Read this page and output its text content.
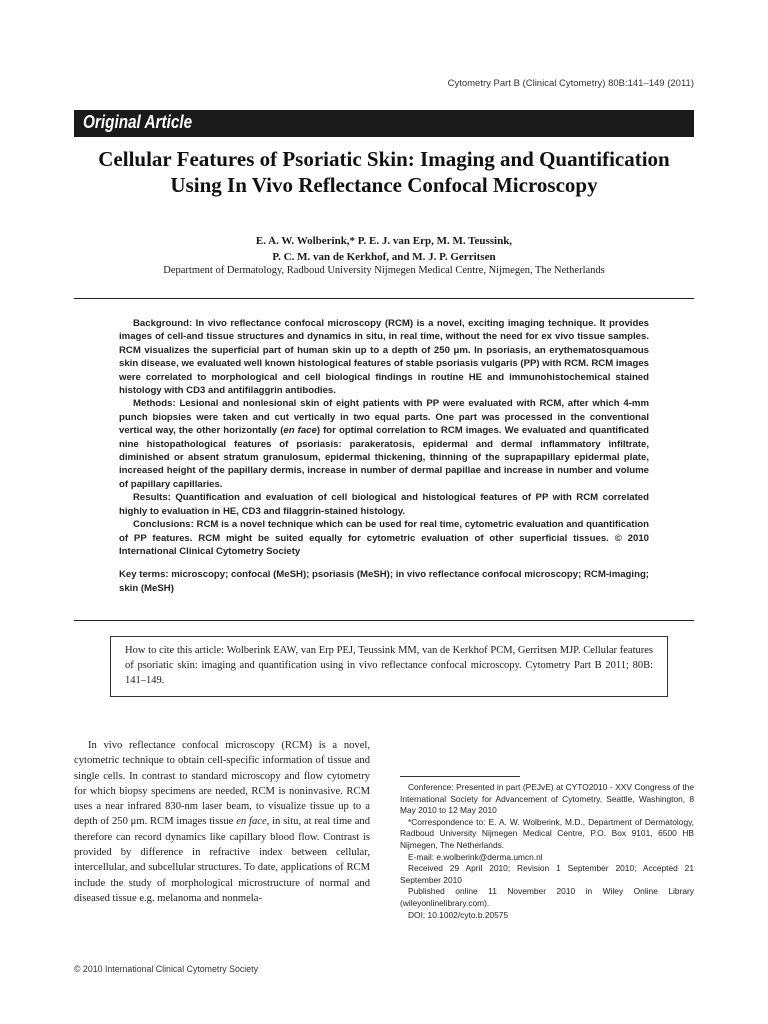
Cytometry Part B (Clinical Cytometry) 80B:141–149 (2011)
Original Article
Cellular Features of Psoriatic Skin: Imaging and Quantification Using In Vivo Reflectance Confocal Microscopy
E. A. W. Wolberink,* P. E. J. van Erp, M. M. Teussink,
P. C. M. van de Kerkhof, and M. J. P. Gerritsen
Department of Dermatology, Radboud University Nijmegen Medical Centre, Nijmegen, The Netherlands

Background: In vivo reflectance confocal microscopy (RCM) is a novel, exciting imaging technique. It provides images of cell-and tissue structures and dynamics in situ, in real time, without the need for ex vivo tissue samples. RCM visualizes the superficial part of human skin up to a depth of 250 μm. In psoriasis, an erythematosquamous skin disease, we evaluated well known histological features of stable psoriasis vulgaris (PP) with RCM. RCM images were correlated to morphological and cell biological findings in routine HE and immunohistochemical stained histology with CD3 and antifilaggrin antibodies.

Methods: Lesional and nonlesional skin of eight patients with PP were evaluated with RCM, after which 4-mm punch biopsies were taken and cut vertically in two equal parts. One part was processed in the conventional vertical way, the other horizontally (en face) for optimal correlation to RCM images. We evaluated and quantificated nine histopathological features of psoriasis: parakeratosis, epidermal and dermal inflammatory infiltrate, diminished or absent stratum granulosum, epidermal thickening, thinning of the suprapapillary epidermal plate, increased height of the papillary dermis, increase in number of dermal papillae and increase in number and volume of papillary capillaries.

Results: Quantification and evaluation of cell biological and histological features of PP with RCM correlated highly to evaluation in HE, CD3 and filaggrin-stained histology.

Conclusions: RCM is a novel technique which can be used for real time, cytometric evaluation and quantification of PP features. RCM might be suited equally for cytometric evaluation of other superficial tissues. © 2010 International Clinical Cytometry Society

Key terms: microscopy; confocal (MeSH); psoriasis (MeSH); in vivo reflectance confocal microscopy; RCM-imaging; skin (MeSH)

How to cite this article: Wolberink EAW, van Erp PEJ, Teussink MM, van de Kerkhof PCM, Gerritsen MJP. Cellular features of psoriatic skin: imaging and quantification using in vivo reflectance confocal microscopy. Cytometry Part B 2011; 80B: 141–149.

In vivo reflectance confocal microscopy (RCM) is a novel, cytometric technique to obtain cell-specific information of tissue and single cells. In contrast to standard microscopy and flow cytometry for which biopsy specimens are needed, RCM is noninvasive. RCM uses a near infrared 830-nm laser beam, to visualize tissue up to a depth of 250 μm. RCM images tissue en face, in situ, at real time and therefore can record dynamics like capillary blood flow. Contrast is provided by difference in refractive index between cellular, intercellular, and subcellular structures. To date, applications of RCM include the study of morphological microstructure of normal and diseased tissue e.g. melanoma and nonmela-

Conference: Presented in part (PEJvE) at CYTO2010 - XXV Congress of the International Society for Advancement of Cytometry, Seattle, Washington, 8 May 2010 to 12 May 2010

*Correspondence to: E. A. W. Wolberink, M.D., Department of Dermatology, Radboud University Nijmegen Medical Centre, P.O. Box 9101, 6500 HB Nijmegen, The Netherlands.

E-mail: e.wolberink@derma.umcn.nl

Received 29 April 2010; Revision 1 September 2010; Accepted 21 September 2010

Published online 11 November 2010 in Wiley Online Library (wileyonlinelibrary.com).

DOI: 10.1002/cyto.b.20575

© 2010 International Clinical Cytometry Society
